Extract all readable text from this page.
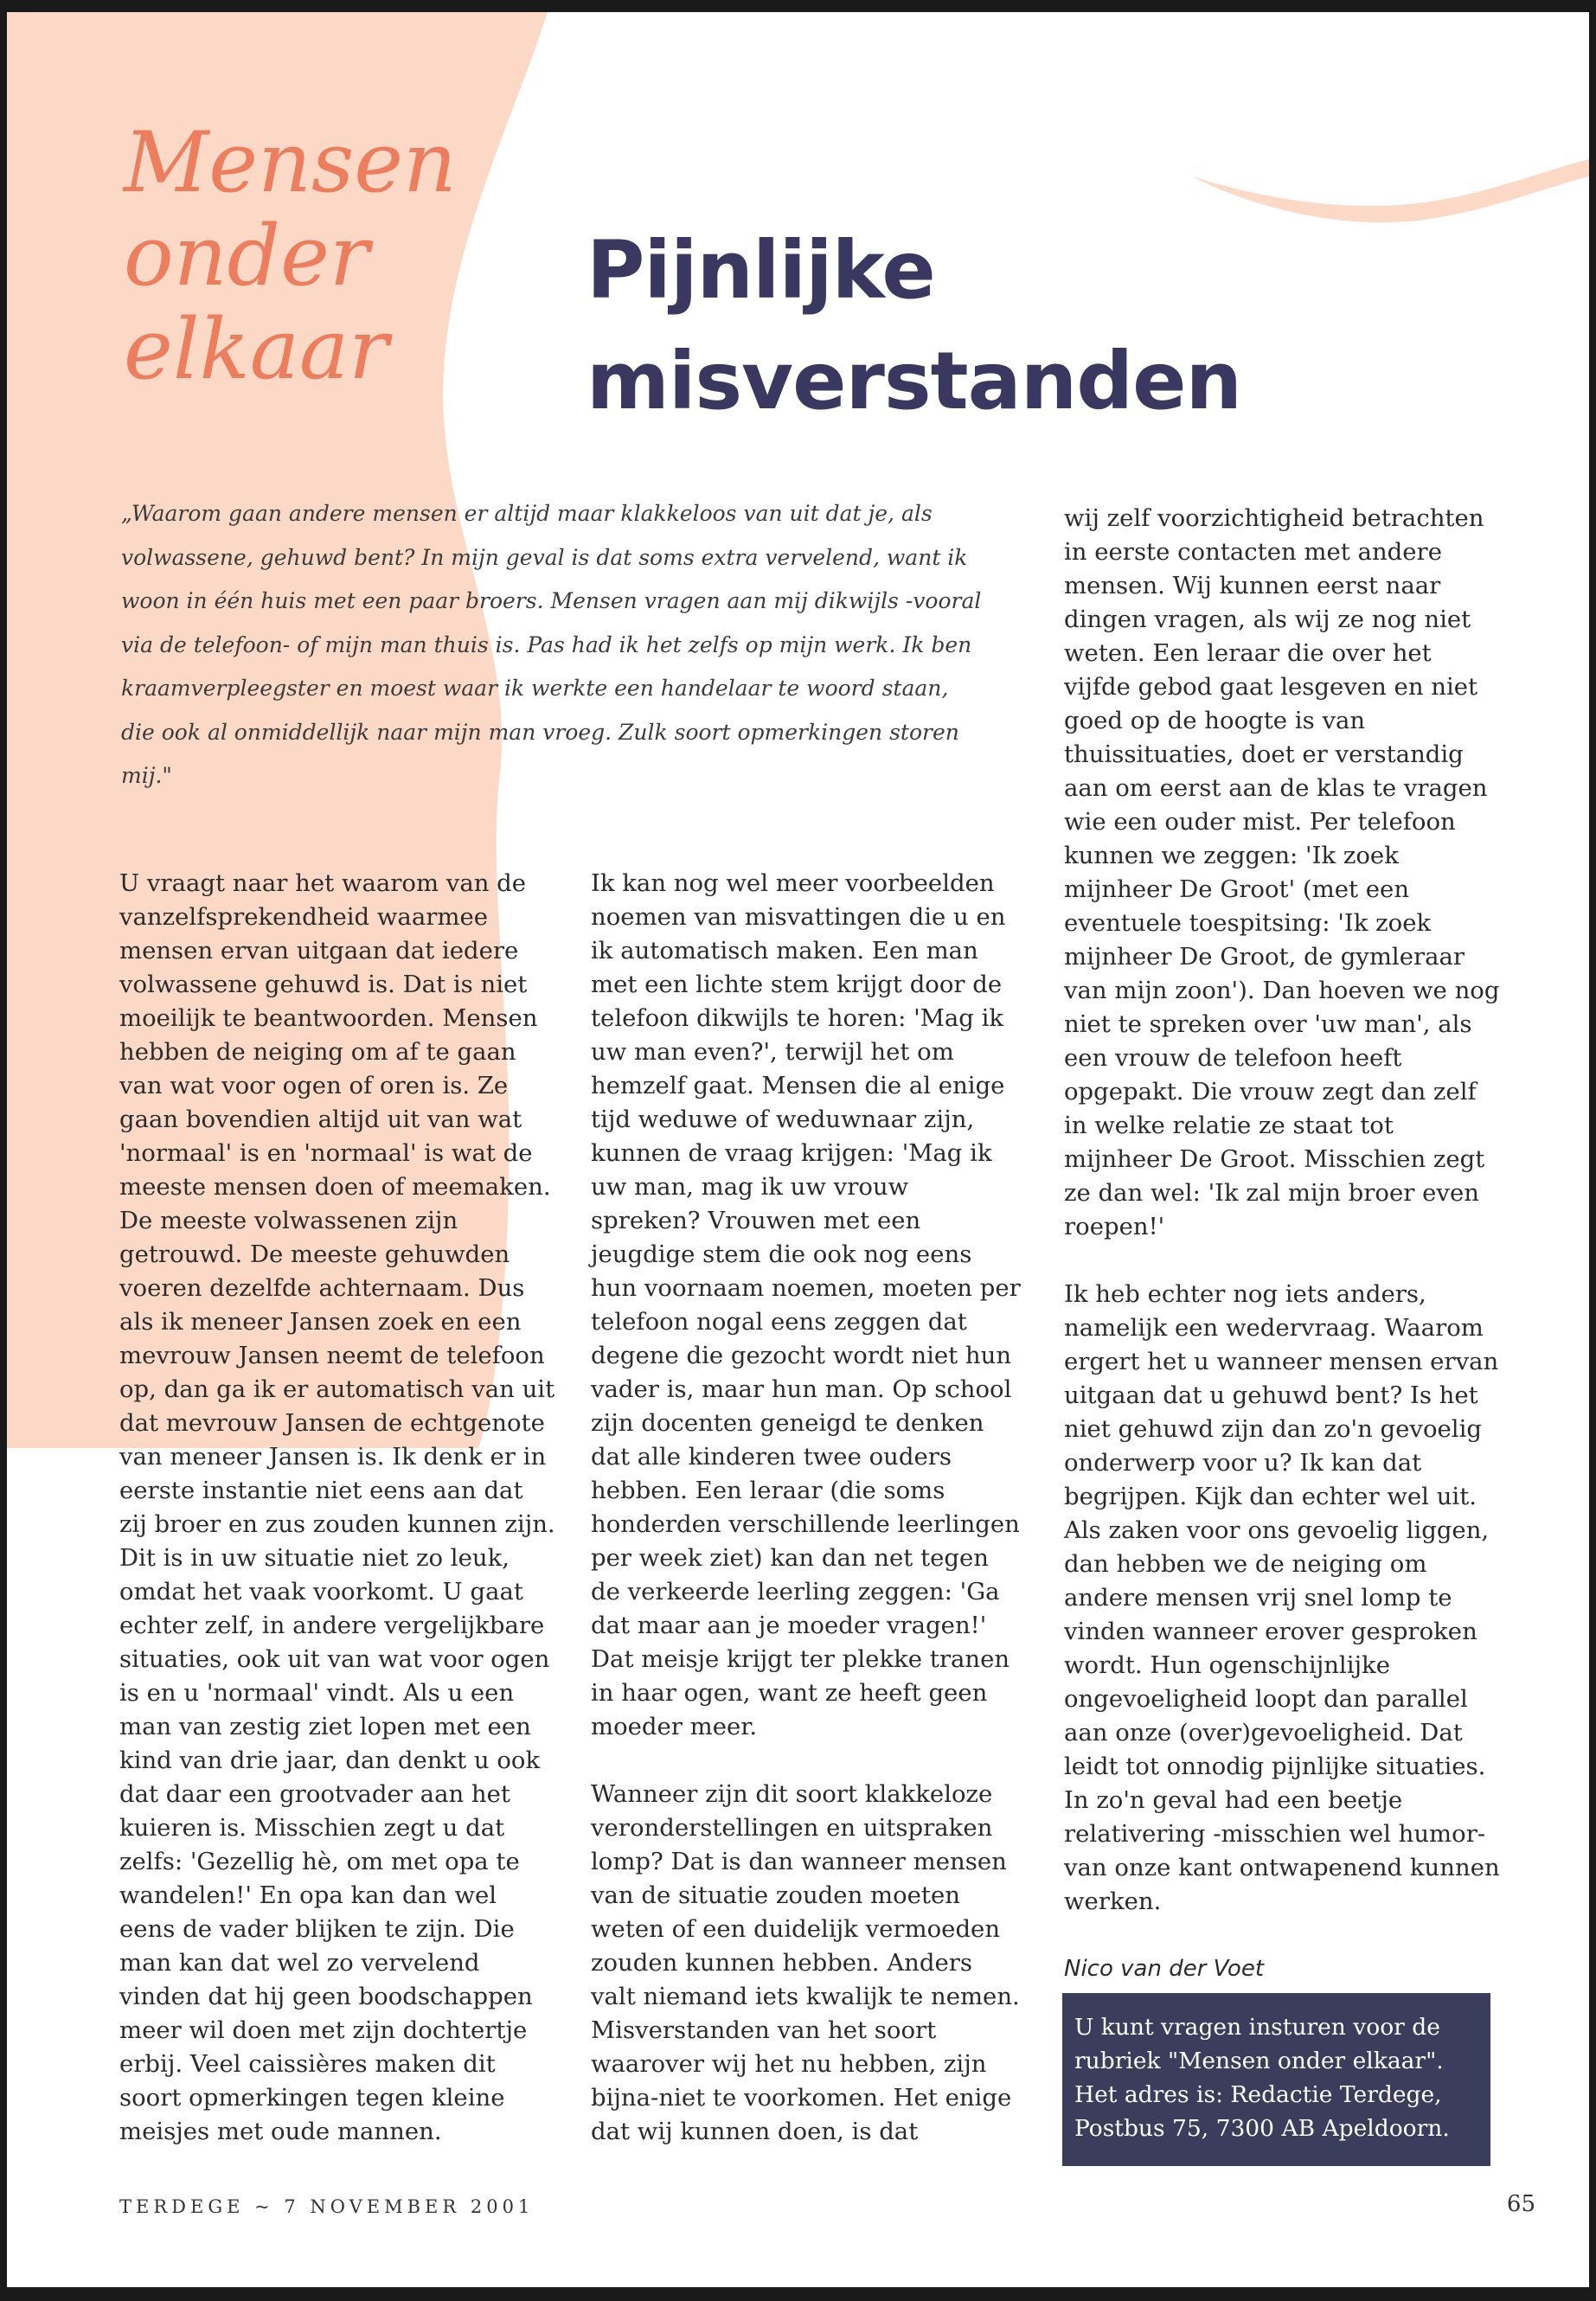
Mensen
onder
elkaar
Pijnlijke
misverstanden

„Waarom gaan andere mensen er altijd maar klakkeloos van uit dat je, als volwassene, gehuwd bent? In mijn geval is dat soms extra vervelend, want ik woon in één huis met een paar broers. Mensen vragen aan mij dikwijls -vooral via de telefoon- of mijn man thuis is. Pas had ik het zelfs op mijn werk. Ik ben kraamverpleegster en moest waar ik werkte een handelaar te woord staan, die ook al onmiddellijk naar mijn man vroeg. Zulk soort opmerkingen storen mij."

U vraagt naar het waarom van de vanzelfsprekendheid waarmee mensen ervan uitgaan dat iedere volwassene gehuwd is. Dat is niet moeilijk te beantwoorden. Mensen hebben de neiging om af te gaan van wat voor ogen of oren is. Ze gaan bovendien altijd uit van wat 'normaal' is en 'normaal' is wat de meeste mensen doen of meemaken. De meeste volwassenen zijn getrouwd. De meeste gehuwden voeren dezelfde achternaam. Dus als ik meneer Jansen zoek en een mevrouw Jansen neemt de telefoon op, dan ga ik er automatisch van uit dat mevrouw Jansen de echtgenote van meneer Jansen is. Ik denk er in eerste instantie niet eens aan dat zij broer en zus zouden kunnen zijn. Dit is in uw situatie niet zo leuk, omdat het vaak voorkomt. U gaat echter zelf, in andere vergelijkbare situaties, ook uit van wat voor ogen is en u 'normaal' vindt. Als u een man van zestig ziet lopen met een kind van drie jaar, dan denkt u ook dat daar een grootvader aan het kuieren is. Misschien zegt u dat zelfs: 'Gezellig hè, om met opa te wandelen!' En opa kan dan wel eens de vader blijken te zijn. Die man kan dat wel zo vervelend vinden dat hij geen boodschappen meer wil doen met zijn dochtertje erbij. Veel caissières maken dit soort opmerkingen tegen kleine meisjes met oude mannen.

Ik kan nog wel meer voorbeelden noemen van misvattingen die u en ik automatisch maken. Een man met een lichte stem krijgt door de telefoon dikwijls te horen: 'Mag ik uw man even?', terwijl het om hemzelf gaat. Mensen die al enige tijd weduwe of weduwnaar zijn, kunnen de vraag krijgen: 'Mag ik uw man, mag ik uw vrouw spreken? Vrouwen met een jeugdige stem die ook nog eens hun voornaam noemen, moeten per telefoon nogal eens zeggen dat degene die gezocht wordt niet hun vader is, maar hun man. Op school zijn docenten geneigd te denken dat alle kinderen twee ouders hebben. Een leraar (die soms honderden verschillende leerlingen per week ziet) kan dan net tegen de verkeerde leerling zeggen: 'Ga dat maar aan je moeder vragen!' Dat meisje krijgt ter plekke tranen in haar ogen, want ze heeft geen moeder meer.

Wanneer zijn dit soort klakkeloze veronderstellingen en uitspraken lomp? Dat is dan wanneer mensen van de situatie zouden moeten weten of een duidelijk vermoeden zouden kunnen hebben. Anders valt niemand iets kwalijk te nemen. Misverstanden van het soort waarover wij het nu hebben, zijn bijna-niet te voorkomen. Het enige dat wij kunnen doen, is dat

wij zelf voorzichtigheid betrachten in eerste contacten met andere mensen. Wij kunnen eerst naar dingen vragen, als wij ze nog niet weten. Een leraar die over het vijfde gebod gaat lesgeven en niet goed op de hoogte is van thuissituaties, doet er verstandig aan om eerst aan de klas te vragen wie een ouder mist. Per telefoon kunnen we zeggen: 'Ik zoek mijnheer De Groot' (met een eventuele toespitsing: 'Ik zoek mijnheer De Groot, de gymleraar van mijn zoon'). Dan hoeven we nog niet te spreken over 'uw man', als een vrouw de telefoon heeft opgepakt. Die vrouw zegt dan zelf in welke relatie ze staat tot mijnheer De Groot. Misschien zegt ze dan wel: 'Ik zal mijn broer even roepen!'

Ik heb echter nog iets anders, namelijk een wedervraag. Waarom ergert het u wanneer mensen ervan uitgaan dat u gehuwd bent? Is het niet gehuwd zijn dan zo'n gevoelig onderwerp voor u? Ik kan dat begrijpen. Kijk dan echter wel uit. Als zaken voor ons gevoelig liggen, dan hebben we de neiging om andere mensen vrij snel lomp te vinden wanneer erover gesproken wordt. Hun ogenschijnlijke ongevoeligheid loopt dan parallel aan onze (over)gevoeligheid. Dat leidt tot onnodig pijnlijke situaties. In zo'n geval had een beetje relativering -misschien wel humor- van onze kant ontwapenend kunnen werken.

Nico van der Voet

U kunt vragen insturen voor de rubriek "Mensen onder elkaar". Het adres is: Redactie Terdege, Postbus 75, 7300 AB Apeldoorn.

TERDEGE ~ 7 NOVEMBER 2001	65
